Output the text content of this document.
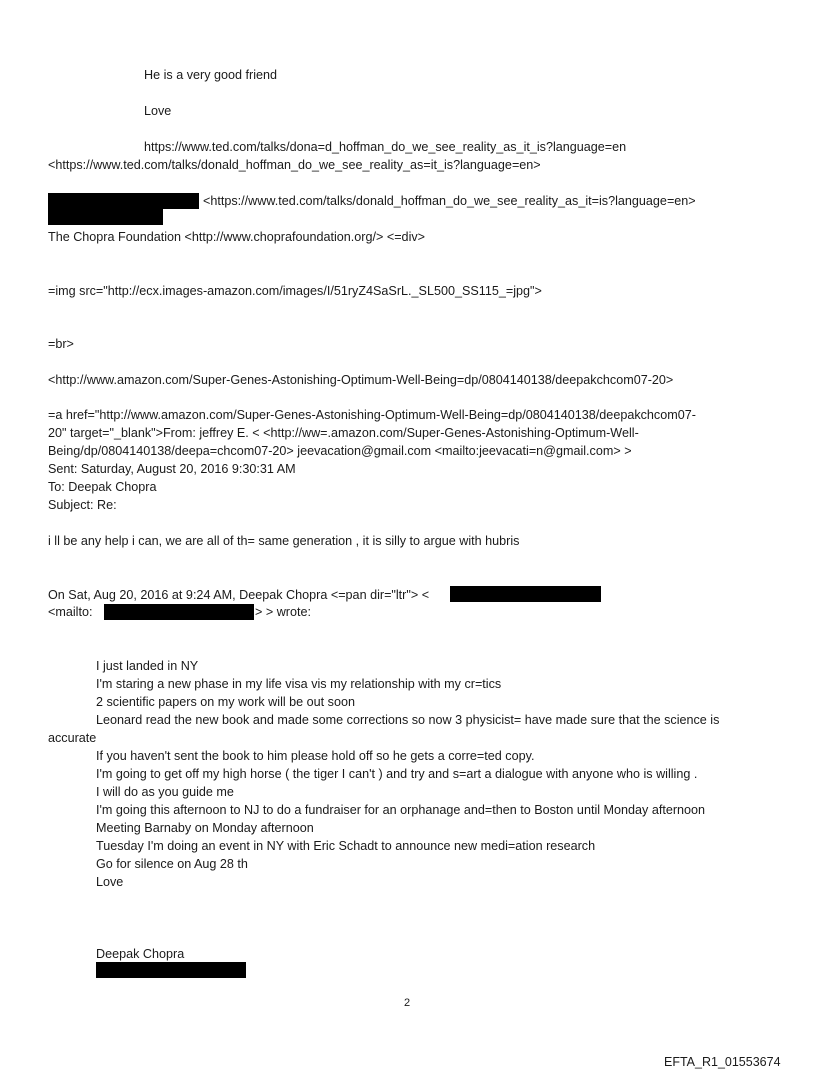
He is a very good friend
Love
https://www.ted.com/talks/dona=d_hoffman_do_we_see_reality_as_it_is?language=en
<https://www.ted.com/talks/donald_hoffman_do_we_see_reality_as=it_is?language=en>
<https://www.ted.com/talks/donald_hoffman_do_we_see_reality_as_it=is?language=en>
The Chopra Foundation <http://www.choprafoundation.org/> <=div>
=img src="http://ecx.images-amazon.com/images/I/51ryZ4SaSrL._SL500_SS115_=jpg">
=br>
<http://www.amazon.com/Super-Genes-Astonishing-Optimum-Well-Being=dp/0804140138/deepakchcom07-20>
=a href="http://www.amazon.com/Super-Genes-Astonishing-Optimum-Well-Being=dp/0804140138/deepakchcom07-
20" target="_blank">From: jeffrey E. < <http://ww=.amazon.com/Super-Genes-Astonishing-Optimum-Well-
Being/dp/0804140138/deepa=chcom07-20> jeevacation@gmail.com <mailto:jeevacati=n@gmail.com> >
Sent: Saturday, August 20, 2016 9:30:31 AM
To: Deepak Chopra
Subject: Re:
i ll be any help i can, we are all of th= same generation , it is silly to argue with hubris
On Sat, Aug 20, 2016 at 9:24 AM, Deepak Chopra <=pan dir="ltr"> <
<mailto:	> > wrote:
I just landed in NY
I'm staring a new phase in my life visa vis my relationship with my cr=tics
2 scientific papers on my work will be out soon
Leonard read the new book and made some corrections so now 3 physicist= have made sure that the science is
accurate
If you haven't sent the book to him please hold off so he gets a corre=ted copy.
I'm going to get off my high horse ( the tiger I can't ) and try and s=art a dialogue with anyone who is willing .
I will do as you guide me
I'm going this afternoon to NJ to do a fundraiser for an orphanage and=then to Boston until Monday afternoon
Meeting Barnaby on Monday afternoon
Tuesday I'm doing an event in NY with Eric Schadt to announce new medi=ation research
Go for silence on Aug 28 th
Love
Deepak Chopra
2
EFTA_R1_01553674
